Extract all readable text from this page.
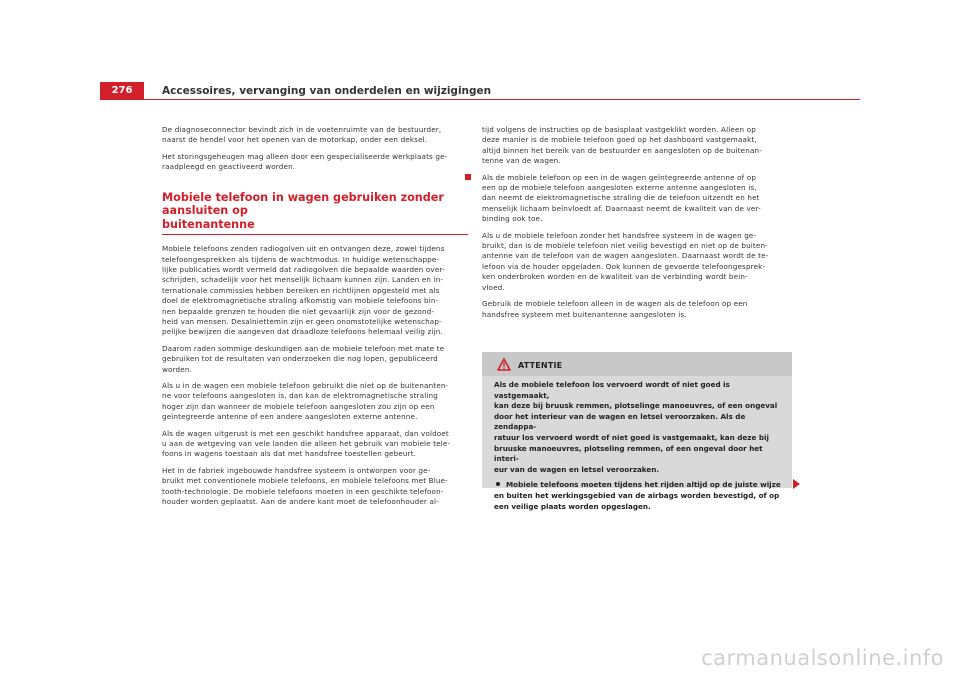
276	Accessoires, vervanging van onderdelen en wijzigingen

De diagnoseconnector bevindt zich in de voetenruimte van de bestuurder,
naarst de hendel voor het openen van de motorkap, onder een deksel.

Het storingsgeheugen mag alleen door een gespecialiseerde werkplaats ge-
raadpleegd en geactiveerd worden.

Mobiele telefoon in wagen gebruiken zonder aansluiten op
buitenantenne

Mobiele telefoons zenden radiogolven uit en ontvangen deze, zowel tijdens
telefoongesprekken als tijdens de wachtmodus. In huidige wetenschappe-
lijke publicaties wordt vermeld dat radiogolven die bepaalde waarden over-
schrijden, schadelijk voor het menselijk lichaam kunnen zijn. Landen en in-
ternationale commissies hebben bereiken en richtlijnen opgesteld met als
doel de elektromagnetische straling afkomstig van mobiele telefoons bin-
nen bepaalde grenzen te houden die niet gevaarlijk zijn voor de gezond-
heid van mensen. Desalniettemin zijn er geen onomstotelijke wetenschap-
pelijke bewijzen die aangeven dat draadloze telefoons helemaal veilig zijn.

Daarom raden sommige deskundigen aan de mobiele telefoon met mate te
gebruiken tot de resultaten van onderzoeken die nog lopen, gepubliceerd
worden.

Als u in de wagen een mobiele telefoon gebruikt die niet op de buitenanten-
ne voor telefoons aangesloten is, dan kan de elektromagnetische straling
hoger zijn dan wanneer de mobiele telefoon aangesloten zou zijn op een
geïntegreerde antenne of een andere aangesloten externe antenne.

Als de wagen uitgerust is met een geschikt handsfree apparaat, dan voldoet
u aan de wetgeving van vele landen die alleen het gebruik van mobiele tele-
foons in wagens toestaan als dat met handsfree toestellen gebeurt.

Het in de fabriek ingebouwde handsfree systeem is ontworpen voor ge-
bruikt met conventionele mobiele telefoons, en mobiele telefoons met Blue-
tooth-technologie. De mobiele telefoons moeten in een geschikte telefoon-
houder worden geplaatst. Aan de andere kant moet de telefoonhouder al-

tijd volgens de instructies op de basisplaat vastgeklikt worden. Alleen op
deze manier is de mobiele telefoon goed op het dashboard vastgemaakt,
altijd binnen het bereik van de bestuurder en aangesloten op de buitenan-
tenne van de wagen.

Als de mobiele telefoon op een in de wagen geïntegreerde antenne of op
een op de mobiele telefoon aangesloten externe antenne aangesloten is,
dan neemt de elektromagnetische straling die de telefoon uitzendt en het
menselijk lichaam beïnvloedt af. Daarnaast neemt de kwaliteit van de ver-
binding ook toe.

Als u de mobiele telefoon zonder het handsfree systeem in de wagen ge-
bruikt, dan is de mobiele telefoon niet veilig bevestigd en niet op de buiten-
antenne van de telefoon van de wagen aangesloten. Daarnaast wordt de te-
lefoon via de houder opgeladen. Ook kunnen de gevoerde telefoongesprek-
ken onderbroken worden en de kwaliteit van de verbinding wordt bein-
vloed.

Gebruik de mobiele telefoon alleen in de wagen als de telefoon op een
handsfree systeem met buitenantenne aangesloten is.

ATTENTIE

Als de mobiele telefoon los vervoerd wordt of niet goed is vastgemaakt,
kan deze bij bruusk remmen, plotselinge manoeuvres, of een ongeval
door het interieur van de wagen en letsel veroorzaken. Als de zendappa-
ratuur los vervoerd wordt of niet goed is vastgemaakt, kan deze bij
bruuske manoeuvres, plotseling remmen, of een ongeval door het interi-
eur van de wagen en letsel veroorzaken.

Mobiele telefoons moeten tijdens het rijden altijd op de juiste wijze
en buiten het werkingsgebied van de airbags worden bevestigd, of op
een veilige plaats worden opgeslagen.

carmanualsonline.info
